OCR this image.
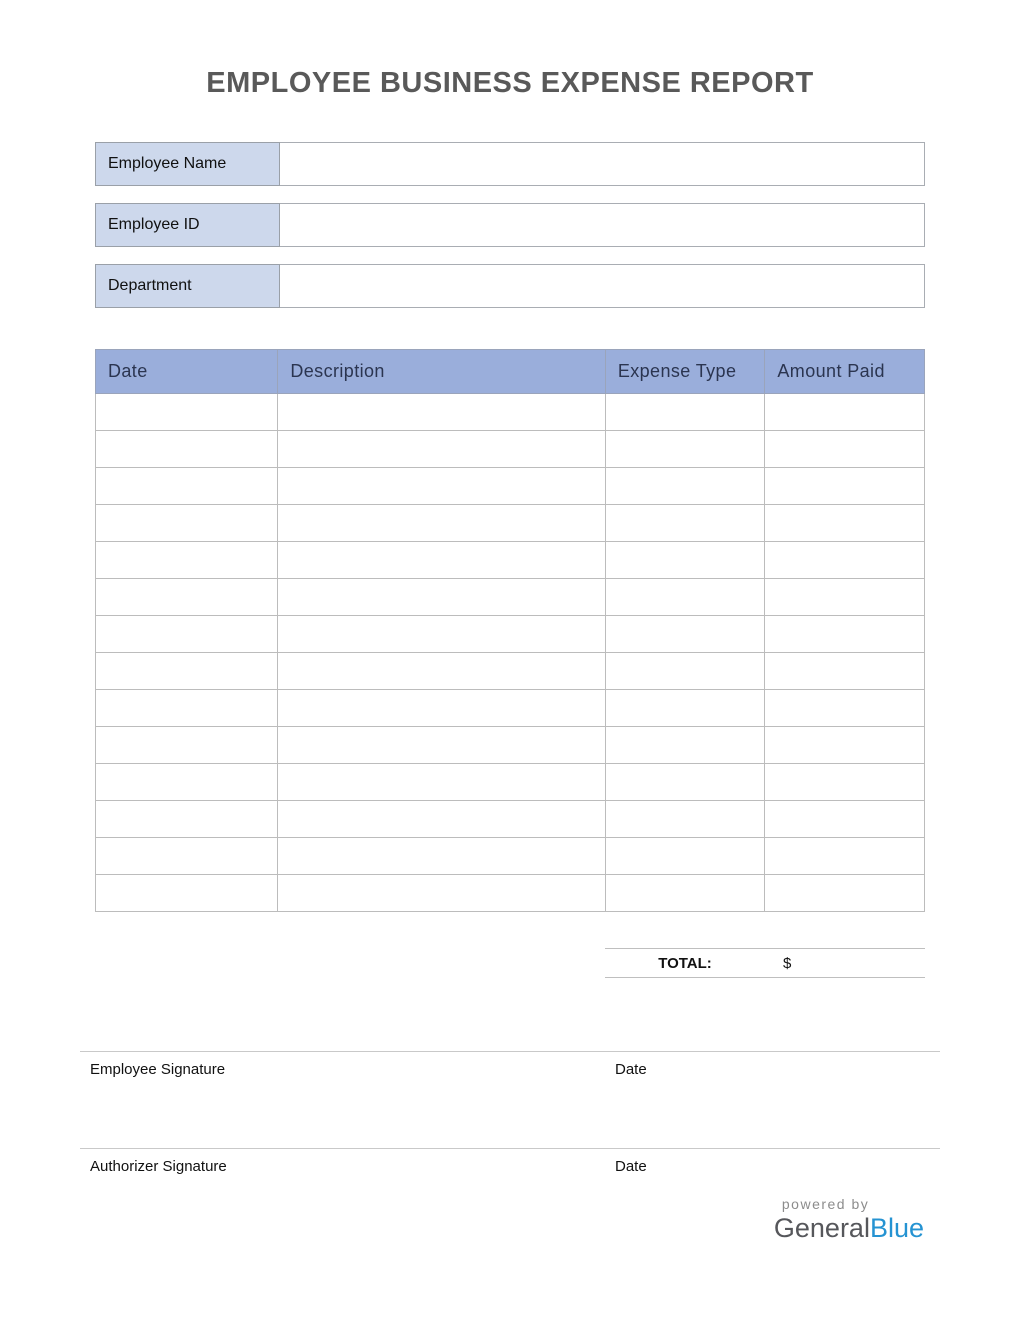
EMPLOYEE BUSINESS EXPENSE REPORT
Employee Name
Employee ID
Department
Date	Description	Expense Type	Amount Paid

TOTAL:	$
Employee Signature	Date
Authorizer Signature	Date
powered by
GeneralBlue
